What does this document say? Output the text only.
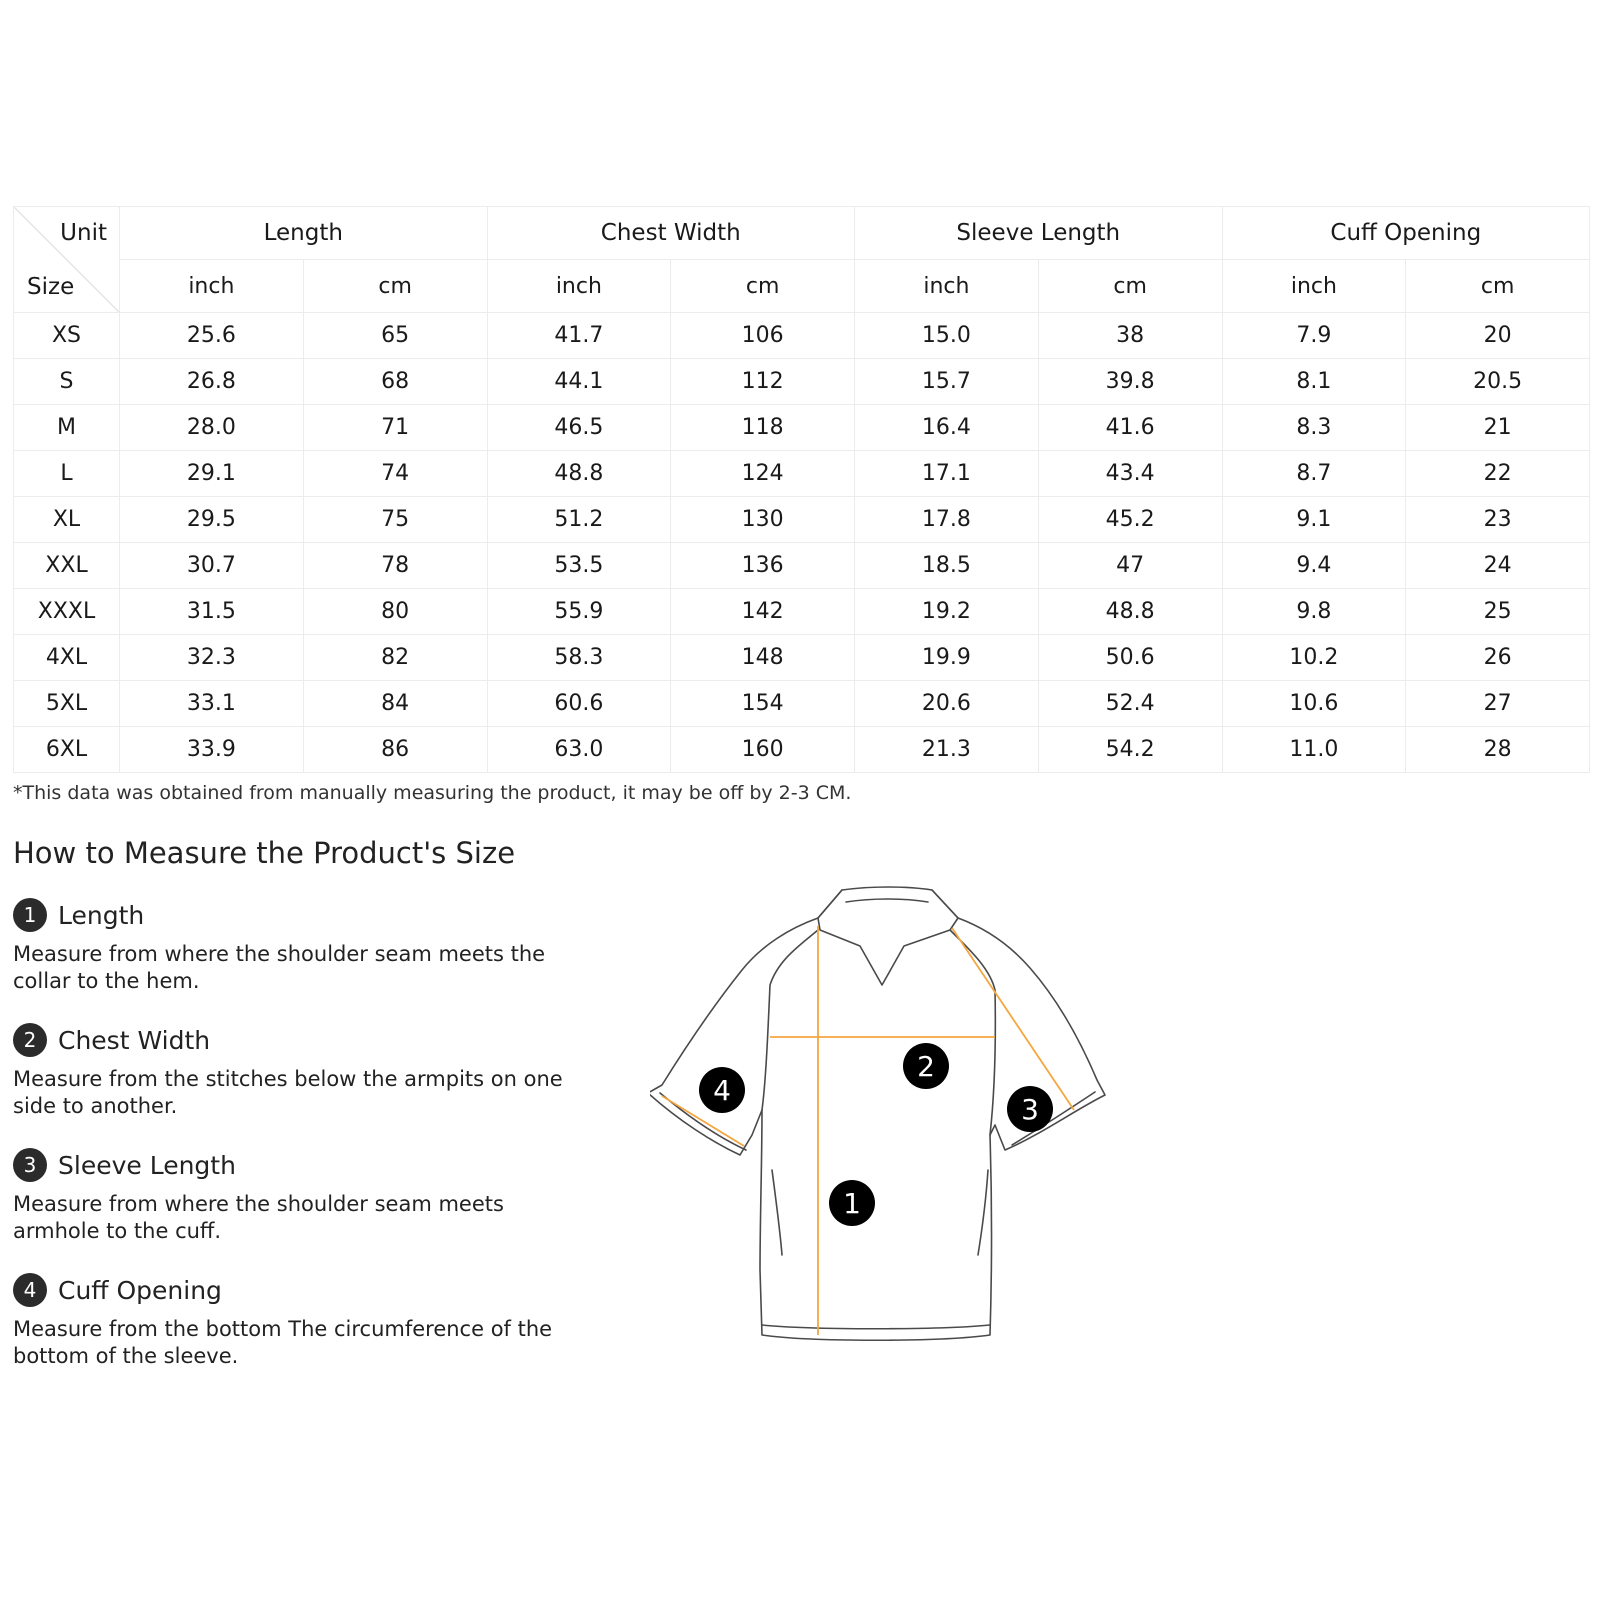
Unit
Size	Length		Chest Width		Sleeve Length		Cuff Opening	
	inch	cm	inch	cm	inch	cm	inch	cm
XS	25.6	65	41.7	106	15.0	38	7.9	20
S	26.8	68	44.1	112	15.7	39.8	8.1	20.5
M	28.0	71	46.5	118	16.4	41.6	8.3	21
L	29.1	74	48.8	124	17.1	43.4	8.7	22
XL	29.5	75	51.2	130	17.8	45.2	9.1	23
XXL	30.7	78	53.5	136	18.5	47	9.4	24
XXXL	31.5	80	55.9	142	19.2	48.8	9.8	25
4XL	32.3	82	58.3	148	19.9	50.6	10.2	26
5XL	33.1	84	60.6	154	20.6	52.4	10.6	27
6XL	33.9	86	63.0	160	21.3	54.2	11.0	28
*This data was obtained from manually measuring the product, it may be off by 2-3 CM.
How to Measure the Product's Size
1 Length
Measure from where the shoulder seam meets the collar to the hem.
2 Chest Width
Measure from the stitches below the armpits on one side to another.
3 Sleeve Length
Measure from where the shoulder seam meets armhole to the cuff.
4 Cuff Opening
Measure from the bottom The circumference of the bottom of the sleeve.
1
2
3
4
